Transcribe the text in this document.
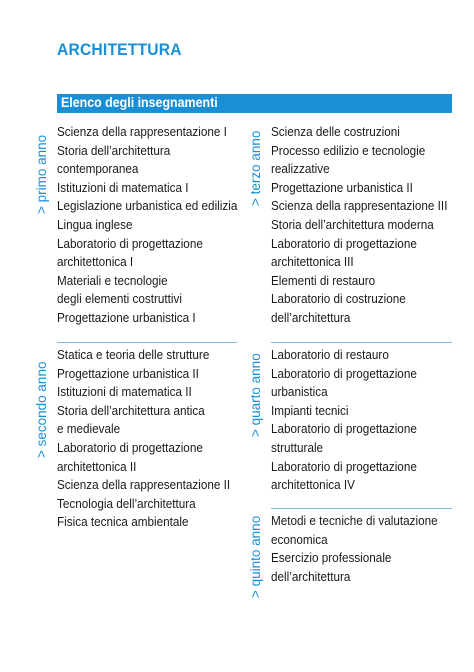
ARCHITETTURA
Elenco degli insegnamenti
> primo anno
Scienza della rappresentazione I
Storia dell’architettura
contemporanea
Istituzioni di matematica I
Legislazione urbanistica ed edilizia
Lingua inglese
Laboratorio di progettazione
architettonica I
Materiali e tecnologie
degli elementi costruttivi
Progettazione urbanistica I
> terzo anno Scienza delle costruzioni
Processo edilizio e tecnologie
realizzative
Progettazione urbanistica II
Scienza della rappresentazione III
Storia dell’architettura moderna
Laboratorio di progettazione
architettonica III
Elementi di restauro
Laboratorio di costruzione
dell’architettura
> secondo anno
Statica e teoria delle strutture
Progettazione urbanistica II
Istituzioni di matematica II
Storia dell’architettura antica
e medievale
Laboratorio di progettazione
architettonica II
Scienza della rappresentazione II
Tecnologia dell’architettura
Fisica tecnica ambientale
> quarto anno Laboratorio di restauro
Laboratorio di progettazione
urbanistica
Impianti tecnici
Laboratorio di progettazione
strutturale
Laboratorio di progettazione
architettonica IV
> quinto anno Metodi e tecniche di valutazione
economica
Esercizio professionale
dell’architettura
